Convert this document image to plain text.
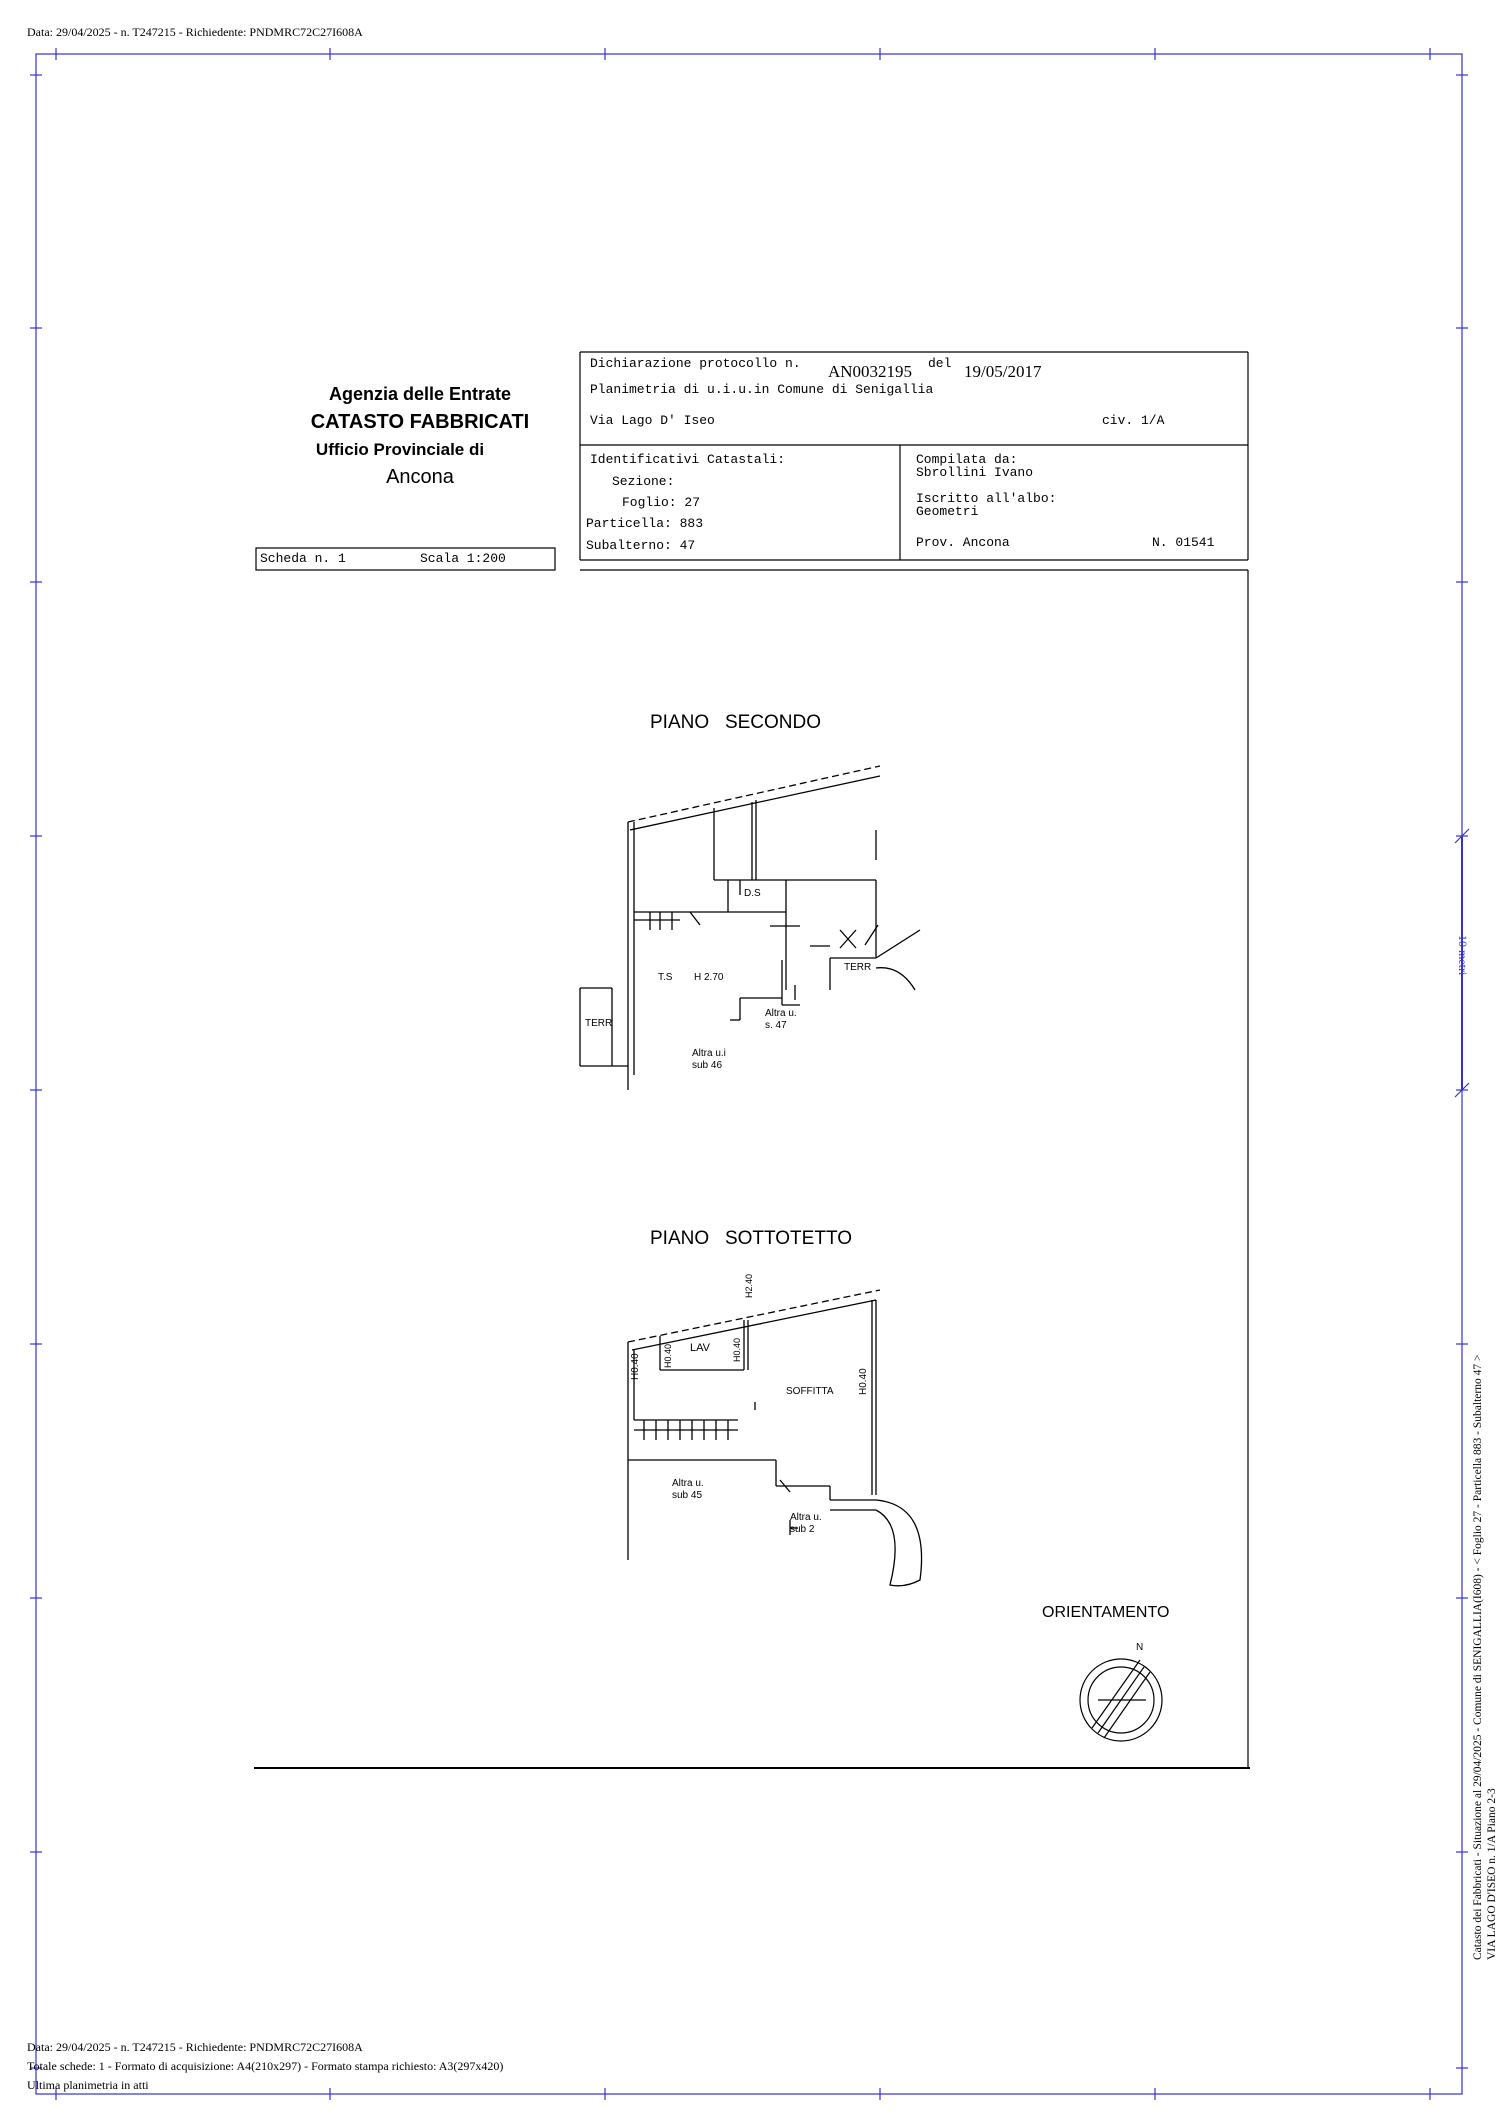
Data: 29/04/2025 - n. T247215 - Richiedente: PNDMRC72C27I608A
Agenzia delle Entrate
CATASTO FABBRICATI
Ufficio Provinciale di
Ancona
Scheda n. 1	Scala 1:200
Dichiarazione protocollo n. AN0032195 del 19/05/2017
Planimetria di u.i.u.in Comune di Senigallia
Via Lago D' Iseo	civ. 1/A
Identificativi Catastali:
Sezione:
Foglio: 27
Particella: 883
Subalterno: 47
Compilata da:
Sbrollini Ivano
Iscritto all'albo:
Geometri
Prov. Ancona	N. 01541
PIANO   SECONDO
PIANO   SOTTOTETTO
TERR
TERR
D.S
T.S H 2.70
Altra u.i
sub 46
Altra u.
s. 47
LAV
SOFFITTA
H0.40
H0.40
H0.40	H0.40
H2.40
Altra u.
sub 45
Altra u.
sub 2
ORIENTAMENTO
N
10 metri
Catasto dei Fabbricati - Situazione al 29/04/2025 - Comune di SENIGALLIA(I608) - < Foglio 27 - Particella 883 - Subalterno 47 > VIA LAGO D'ISEO n. 1/A Piano 2-3
Data: 29/04/2025 - n. T247215 - Richiedente: PNDMRC72C27I608A
Totale schede: 1 - Formato di acquisizione: A4(210x297) - Formato stampa richiesto: A3(297x420)
Ultima planimetria in atti
